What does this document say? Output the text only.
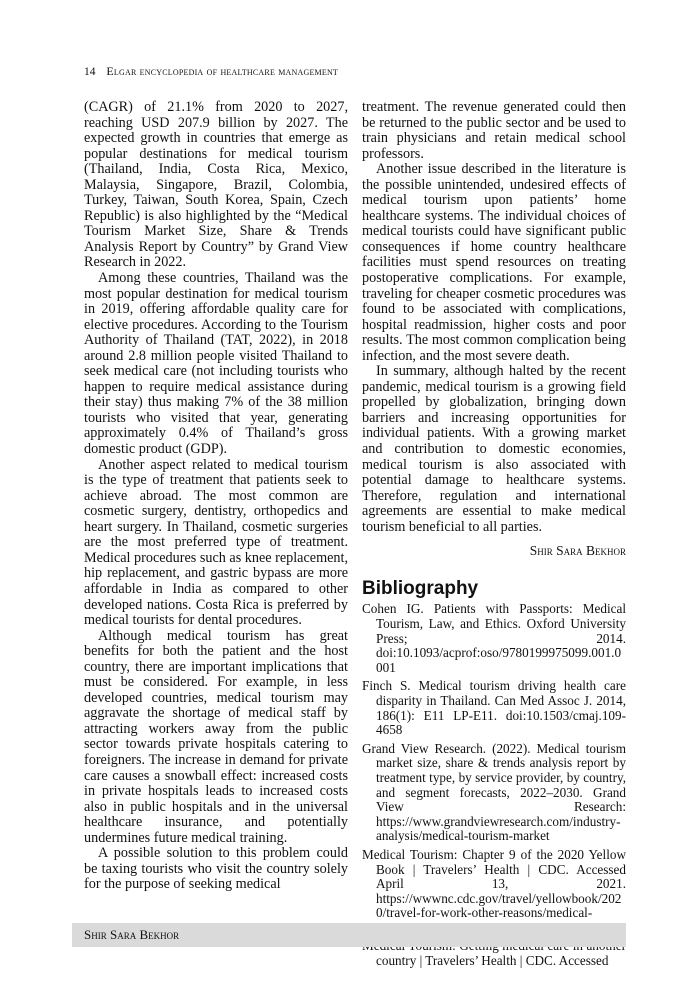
14 Elgar encyclopedia of healthcare management

(CAGR) of 21.1% from 2020 to 2027, reaching USD 207.9 billion by 2027. The expected growth in countries that emerge as popular destinations for medical tourism (Thailand, India, Costa Rica, Mexico, Malaysia, Singapore, Brazil, Colombia, Turkey, Taiwan, South Korea, Spain, Czech Republic) is also highlighted by the “Medical Tourism Market Size, Share & Trends Analysis Report by Country” by Grand View Research in 2022.

Among these countries, Thailand was the most popular destination for medical tourism in 2019, offering affordable quality care for elective procedures. According to the Tourism Authority of Thailand (TAT, 2022), in 2018 around 2.8 million people visited Thailand to seek medical care (not including tourists who happen to require medical assistance during their stay) thus making 7% of the 38 million tourists who visited that year, generating approximately 0.4% of Thailand’s gross domestic product (GDP).

Another aspect related to medical tourism is the type of treatment that patients seek to achieve abroad. The most common are cosmetic surgery, dentistry, orthopedics and heart surgery. In Thailand, cosmetic surgeries are the most preferred type of treatment. Medical procedures such as knee replacement, hip replacement, and gastric bypass are more affordable in India as compared to other developed nations. Costa Rica is preferred by medical tourists for dental procedures.

Although medical tourism has great benefits for both the patient and the host country, there are important implications that must be considered. For example, in less developed countries, medical tourism may aggravate the shortage of medical staff by attracting workers away from the public sector towards private hospitals catering to foreigners. The increase in demand for private care causes a snowball effect: increased costs in private hospitals leads to increased costs also in public hospitals and in the universal healthcare insurance, and potentially undermines future medical training.

A possible solution to this problem could be taxing tourists who visit the country solely for the purpose of seeking medical

treatment. The revenue generated could then be returned to the public sector and be used to train physicians and retain medical school professors.

Another issue described in the literature is the possible unintended, undesired effects of medical tourism upon patients’ home healthcare systems. The individual choices of medical tourists could have significant public consequences if home country healthcare facilities must spend resources on treating postoperative complications. For example, traveling for cheaper cosmetic procedures was found to be associated with complications, hospital readmission, higher costs and poor results. The most common complication being infection, and the most severe death.

In summary, although halted by the recent pandemic, medical tourism is a growing field propelled by globalization, bringing down barriers and increasing opportunities for individual patients. With a growing market and contribution to domestic economies, medical tourism is also associated with potential damage to healthcare systems. Therefore, regulation and international agreements are essential to make medical tourism beneficial to all parties.

Shir Sara Bekhor
Bibliography

Cohen IG. Patients with Passports: Medical Tourism, Law, and Ethics. Oxford University Press; 2014. doi:10.1093/acprof:oso/9780199975099.001.0001

Finch S. Medical tourism driving health care disparity in Thailand. Can Med Assoc J. 2014, 186(1): E11 LP-E11. doi:10.1503/cmaj.109-4658

Grand View Research. (2022). Medical tourism market size, share & trends analysis report by treatment type, by service provider, by country, and segment forecasts, 2022–2030. Grand View Research: https://www.grandviewresearch.com/industry-analysis/medical-tourism-market

Medical Tourism: Chapter 9 of the 2020 Yellow Book | Travelers’ Health | CDC. Accessed April 13, 2021. https://wwwnc.cdc.gov/travel/yellowbook/2020/travel-for-work-other-reasons/medical-

country | Travelers’ Health | CDC. Accessed

Shir Sara Bekhor
